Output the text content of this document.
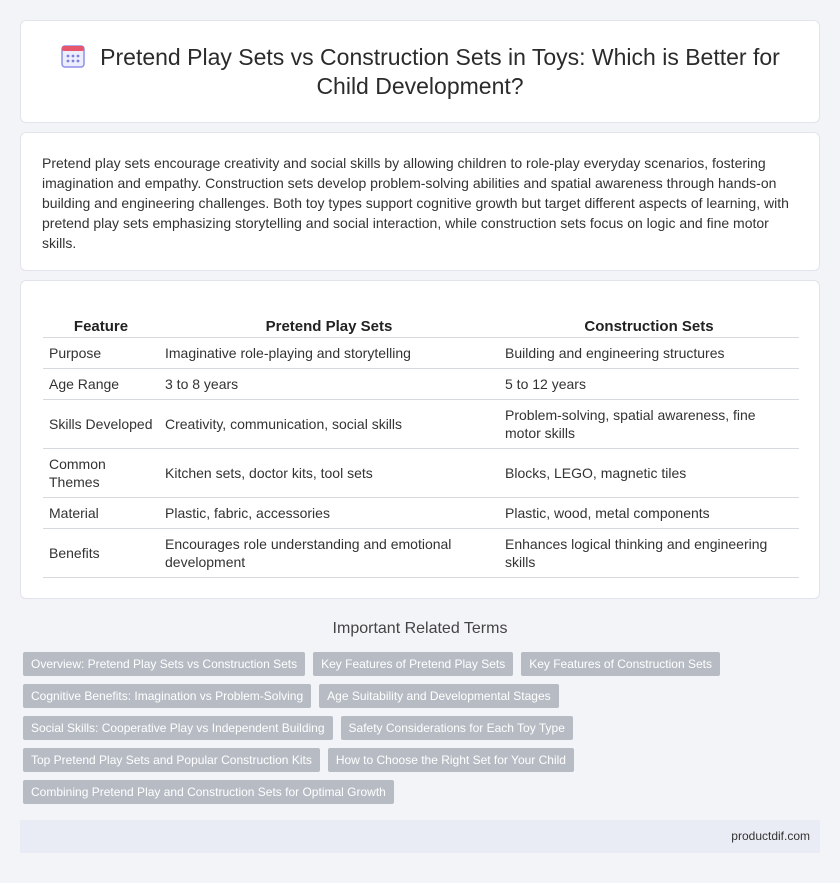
Pretend Play Sets vs Construction Sets in Toys: Which is Better for Child Development?

Pretend play sets encourage creativity and social skills by allowing children to role-play everyday scenarios, fostering imagination and empathy. Construction sets develop problem-solving abilities and spatial awareness through hands-on building and engineering challenges. Both toy types support cognitive growth but target different aspects of learning, with pretend play sets emphasizing storytelling and social interaction, while construction sets focus on logic and fine motor skills.

Feature	Pretend Play Sets	Construction Sets
Purpose	Imaginative role-playing and storytelling	Building and engineering structures
Age Range	3 to 8 years	5 to 12 years
Skills Developed	Creativity, communication, social skills	Problem-solving, spatial awareness, fine motor skills
Common Themes	Kitchen sets, doctor kits, tool sets	Blocks, LEGO, magnetic tiles
Material	Plastic, fabric, accessories	Plastic, wood, metal components
Benefits	Encourages role understanding and emotional development	Enhances logical thinking and engineering skills
Important Related Terms
Overview: Pretend Play Sets vs Construction Sets	Key Features of Pretend Play Sets	Key Features of Construction Sets
Cognitive Benefits: Imagination vs Problem-Solving	Age Suitability and Developmental Stages
Social Skills: Cooperative Play vs Independent Building	Safety Considerations for Each Toy Type
Top Pretend Play Sets and Popular Construction Kits	How to Choose the Right Set for Your Child
Combining Pretend Play and Construction Sets for Optimal Growth
productdif.com
